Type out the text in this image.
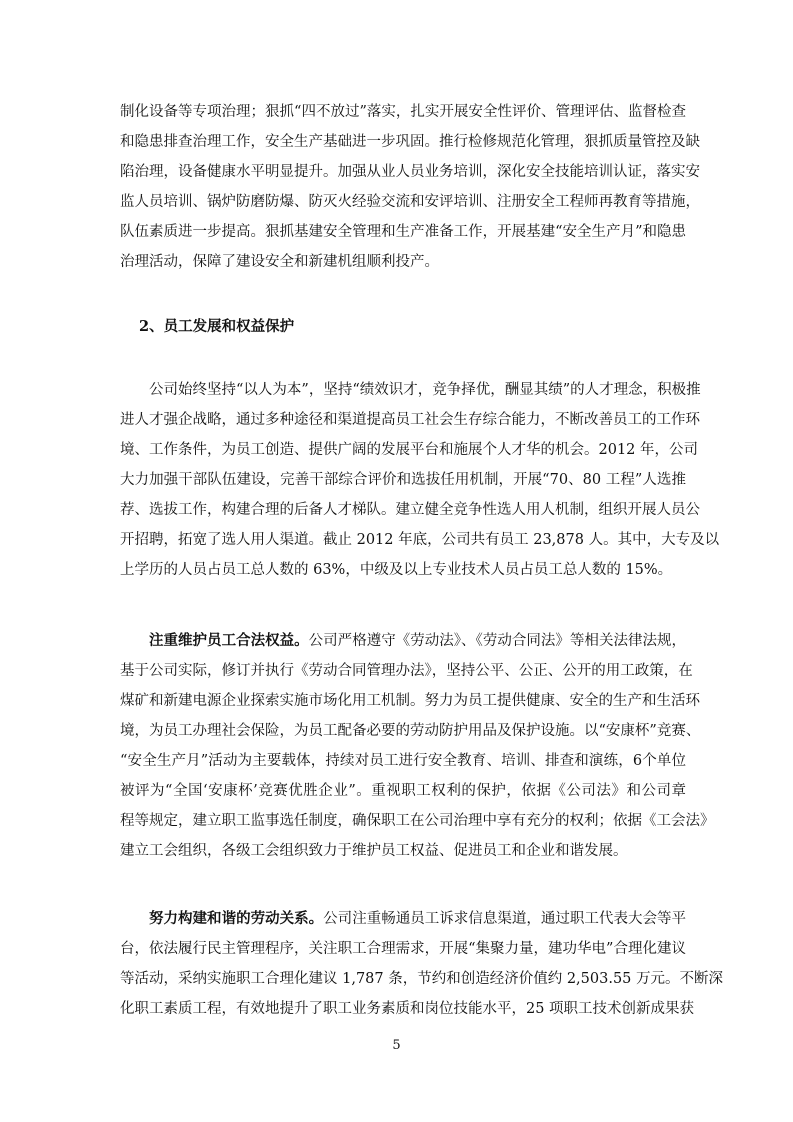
制化设备等专项治理；狠抓“四不放过”落实，扎实开展安全性评价、管理评估、监督检查
和隐患排查治理工作，安全生产基础进一步巩固。推行检修规范化管理，狠抓质量管控及缺
陷治理，设备健康水平明显提升。加强从业人员业务培训，深化安全技能培训认证，落实安
监人员培训、锅炉防磨防爆、防灭火经验交流和安评培训、注册安全工程师再教育等措施，
队伍素质进一步提高。狠抓基建安全管理和生产准备工作，开展基建“安全生产月”和隐患
治理活动，保障了建设安全和新建机组顺利投产。
2、员工发展和权益保护
公司始终坚持“以人为本”，坚持“绩效识才，竞争择优，酬显其绩”的人才理念，积极推
进人才强企战略，通过多种途径和渠道提高员工社会生存综合能力，不断改善员工的工作环
境、工作条件，为员工创造、提供广阔的发展平台和施展个人才华的机会。2012 年，公司
大力加强干部队伍建设，完善干部综合评价和选拔任用机制，开展“70、80 工程”人选推
荐、选拔工作，构建合理的后备人才梯队。建立健全竞争性选人用人机制，组织开展人员公
开招聘，拓宽了选人用人渠道。截止 2012 年底，公司共有员工 23,878 人。其中，大专及以
上学历的人员占员工总人数的 63%，中级及以上专业技术人员占员工总人数的 15%。
注重维护员工合法权益。公司严格遵守《劳动法》、《劳动合同法》等相关法律法规，
基于公司实际，修订并执行《劳动合同管理办法》，坚持公平、公正、公开的用工政策，在
煤矿和新建电源企业探索实施市场化用工机制。努力为员工提供健康、安全的生产和生活环
境，为员工办理社会保险，为员工配备必要的劳动防护用品及保护设施。以“安康杯”竞赛、
“安全生产月”活动为主要载体，持续对员工进行安全教育、培训、排查和演练，6个单位
被评为“全国‘安康杯’竞赛优胜企业”。重视职工权利的保护，依据《公司法》和公司章
程等规定，建立职工监事选任制度，确保职工在公司治理中享有充分的权利；依据《工会法》
建立工会组织，各级工会组织致力于维护员工权益、促进员工和企业和谐发展。
努力构建和谐的劳动关系。公司注重畅通员工诉求信息渠道，通过职工代表大会等平
台，依法履行民主管理程序，关注职工合理需求，开展“集聚力量，建功华电”合理化建议
等活动，采纳实施职工合理化建议 1,787 条，节约和创造经济价值约 2,503.55 万元。不断深
化职工素质工程，有效地提升了职工业务素质和岗位技能水平，25 项职工技术创新成果获
5
